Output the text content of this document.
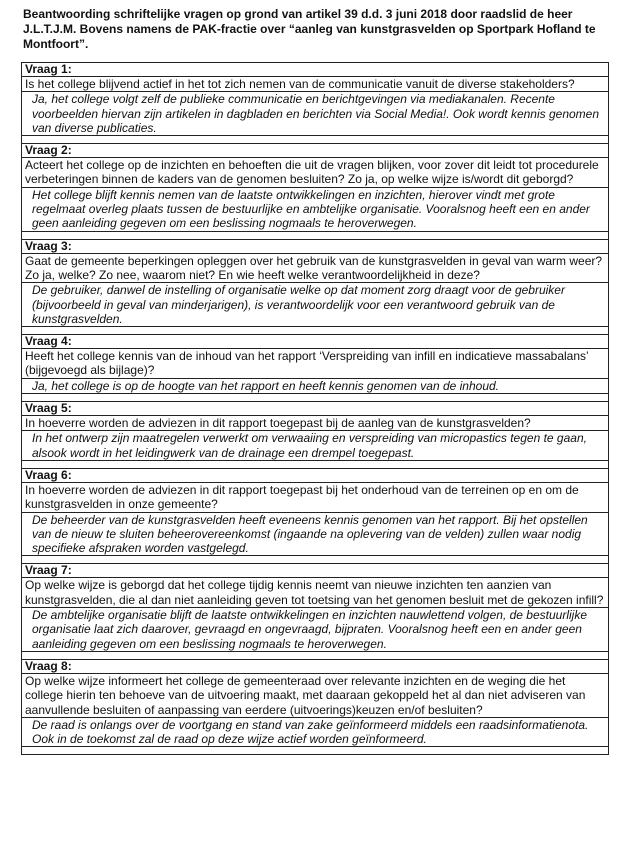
Beantwoording schriftelijke vragen op grond van artikel 39 d.d. 3 juni 2018 door raadslid de heer J.L.T.J.M. Bovens namens de PAK-fractie over “aanleg van kunstgrasvelden op Sportpark Hofland te Montfoort”.
Vraag 1:
Is het college blijvend actief in het tot zich nemen van de communicatie vanuit de diverse stakeholders?
Ja, het college volgt zelf de publieke communicatie en berichtgevingen via mediakanalen. Recente voorbeelden hiervan zijn artikelen in dagbladen en berichten via Social Media!. Ook wordt kennis genomen van diverse publicaties.
Vraag 2:
Acteert het college op de inzichten en behoeften die uit de vragen blijken, voor zover dit leidt tot procedurele verbeteringen binnen de kaders van de genomen besluiten? Zo ja, op welke wijze is/wordt dit geborgd?
Het college blijft kennis nemen van de laatste ontwikkelingen en inzichten, hierover vindt met grote regelmaat overleg plaats tussen de bestuurlijke en ambtelijke organisatie. Vooralsnog heeft een en ander geen aanleiding gegeven om een beslissing nogmaals te heroverwegen.
Vraag 3:
Gaat de gemeente beperkingen opleggen over het gebruik van de kunstgrasvelden in geval van warm weer? Zo ja, welke? Zo nee, waarom niet? En wie heeft welke verantwoordelijkheid in deze?
De gebruiker, danwel de instelling of organisatie welke op dat moment zorg draagt voor de gebruiker (bijvoorbeeld in geval van minderjarigen), is verantwoordelijk voor een verantwoord gebruik van de kunstgrasvelden.
Vraag 4:
Heeft het college kennis van de inhoud van het rapport ‘Verspreiding van infill en indicatieve massabalans’ (bijgevoegd als bijlage)?
Ja, het college is op de hoogte van het rapport en heeft kennis genomen van de inhoud.
Vraag 5:
In hoeverre worden de adviezen in dit rapport toegepast bij de aanleg van de kunstgrasvelden?
In het ontwerp zijn maatregelen verwerkt om verwaaiing en verspreiding van micropastics tegen te gaan, alsook wordt in het leidingwerk van de drainage een drempel toegepast.
Vraag 6:
In hoeverre worden de adviezen in dit rapport toegepast bij het onderhoud van de terreinen op en om de kunstgrasvelden in onze gemeente?
De beheerder van de kunstgrasvelden heeft eveneens kennis genomen van het rapport. Bij het opstellen van de nieuw te sluiten beheerovereenkomst (ingaande na oplevering van de velden) zullen waar nodig specifieke afspraken worden vastgelegd.
Vraag 7:
Op welke wijze is geborgd dat het college tijdig kennis neemt van nieuwe inzichten ten aanzien van kunstgrasvelden, die al dan niet aanleiding geven tot toetsing van het genomen besluit met de gekozen infill?
De ambtelijke organisatie blijft de laatste ontwikkelingen en inzichten nauwlettend volgen, de bestuurlijke organisatie laat zich daarover, gevraagd en ongevraagd, bijpraten. Vooralsnog heeft een en ander geen aanleiding gegeven om een beslissing nogmaals te heroverwegen.
Vraag 8:
Op welke wijze informeert het college de gemeenteraad over relevante inzichten en de weging die het college hierin ten behoeve van de uitvoering maakt, met daaraan gekoppeld het al dan niet adviseren van aanvullende besluiten of aanpassing van eerdere (uitvoerings)keuzen en/of besluiten?
De raad is onlangs over de voortgang en stand van zake geïnformeerd middels een raadsinformatienota. Ook in de toekomst zal de raad op deze wijze actief worden geïnformeerd.
